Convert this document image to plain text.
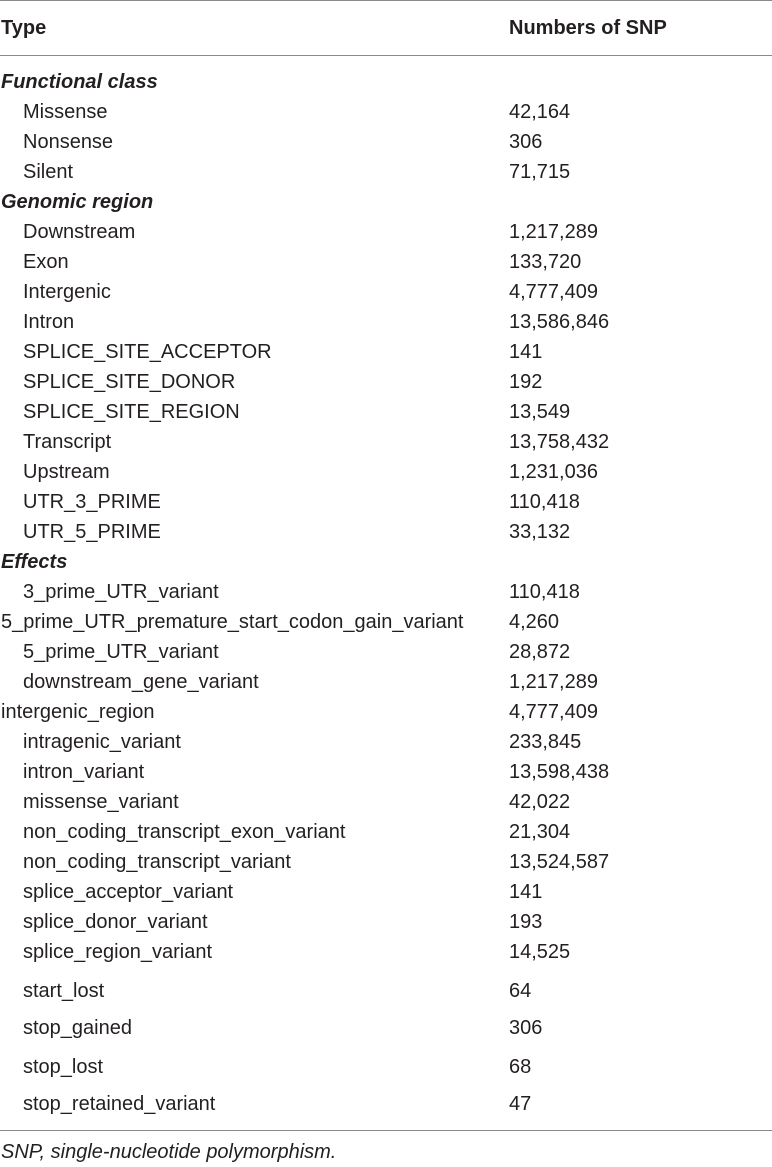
Type	Numbers of SNP
Functional class
Missense	42,164
Nonsense	306
Silent	71,715
Genomic region
Downstream	1,217,289
Exon	133,720
Intergenic	4,777,409
Intron	13,586,846
SPLICE_SITE_ACCEPTOR	141
SPLICE_SITE_DONOR	192
SPLICE_SITE_REGION	13,549
Transcript	13,758,432
Upstream	1,231,036
UTR_3_PRIME	110,418
UTR_5_PRIME	33,132
Effects
3_prime_UTR_variant	110,418
5_prime_UTR_premature_start_codon_gain_variant 4,260
5_prime_UTR_variant	28,872
downstream_gene_variant	1,217,289
intergenic_region	4,777,409
intragenic_variant	233,845
intron_variant	13,598,438
missense_variant	42,022
non_coding_transcript_exon_variant	21,304
non_coding_transcript_variant	13,524,587
splice_acceptor_variant	141
splice_donor_variant	193
splice_region_variant	14,525
start_lost	64
stop_gained	306
stop_lost	68
stop_retained_variant	47
SNP, single-nucleotide polymorphism.
